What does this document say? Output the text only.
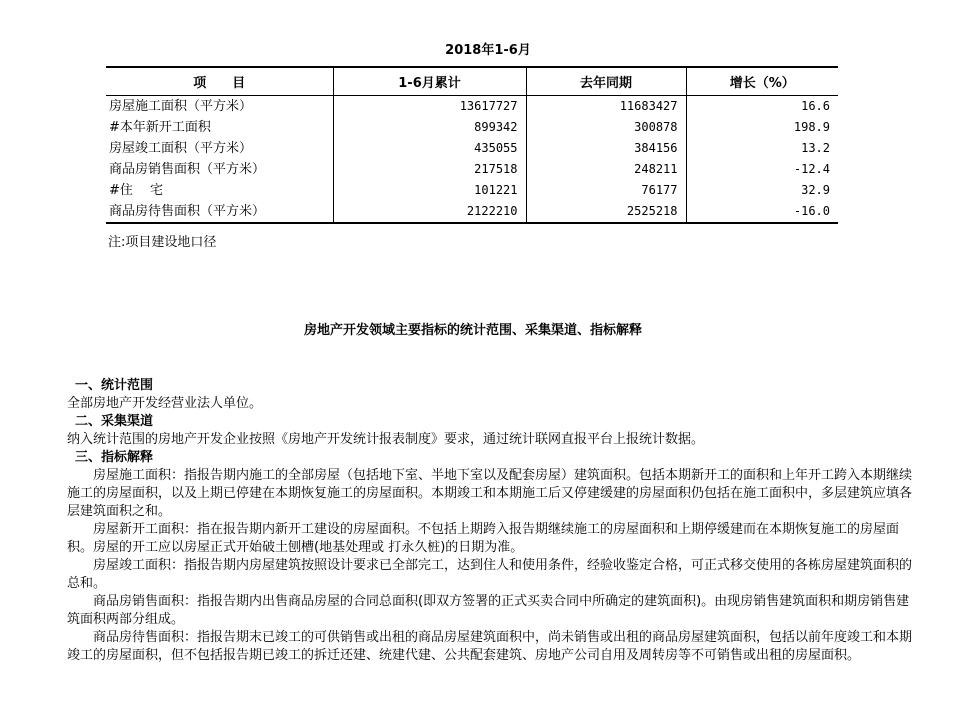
2018年1-6月
项　　目	1-6月累计	去年同期	增长（%）
房屋施工面积（平方米）	13617727	11683427	16.6
#本年新开工面积	899342	300878	198.9
房屋竣工面积（平方米）	435055	384156	13.2
商品房销售面积（平方米）	217518	248211	-12.4
#住　 宅	101221	76177	32.9
商品房待售面积（平方米）	2122210	2525218	-16.0
注:项目建设地口径
房地产开发领域主要指标的统计范围、采集渠道、指标解释
一、统计范围

全部房地产开发经营业法人单位。

二、采集渠道

纳入统计范围的房地产开发企业按照《房地产开发统计报表制度》要求，通过统计联网直报平台上报统计数据。

三、指标解释

房屋施工面积：指报告期内施工的全部房屋（包括地下室、半地下室以及配套房屋）建筑面积。包括本期新开工的面积和上年开工跨入本期继续施工的房屋面积，以及上期已停建在本期恢复施工的房屋面积。本期竣工和本期施工后又停建缓建的房屋面积仍包括在施工面积中，多层建筑应填各层建筑面积之和。

房屋新开工面积：指在报告期内新开工建设的房屋面积。不包括上期跨入报告期继续施工的房屋面积和上期停缓建而在本期恢复施工的房屋面积。房屋的开工应以房屋正式开始破土刨槽(地基处理或 打永久桩)的日期为准。

房屋竣工面积：指报告期内房屋建筑按照设计要求已全部完工，达到住人和使用条件，经验收鉴定合格，可正式移交使用的各栋房屋建筑面积的总和。

商品房销售面积：指报告期内出售商品房屋的合同总面积(即双方签署的正式买卖合同中所确定的建筑面积)。由现房销售建筑面积和期房销售建筑面积两部分组成。

商品房待售面积：指报告期末已竣工的可供销售或出租的商品房屋建筑面积中，尚未销售或出租的商品房屋建筑面积，包括以前年度竣工和本期竣工的房屋面积，但不包括报告期已竣工的拆迁还建、统建代建、公共配套建筑、房地产公司自用及周转房等不可销售或出租的房屋面积。
